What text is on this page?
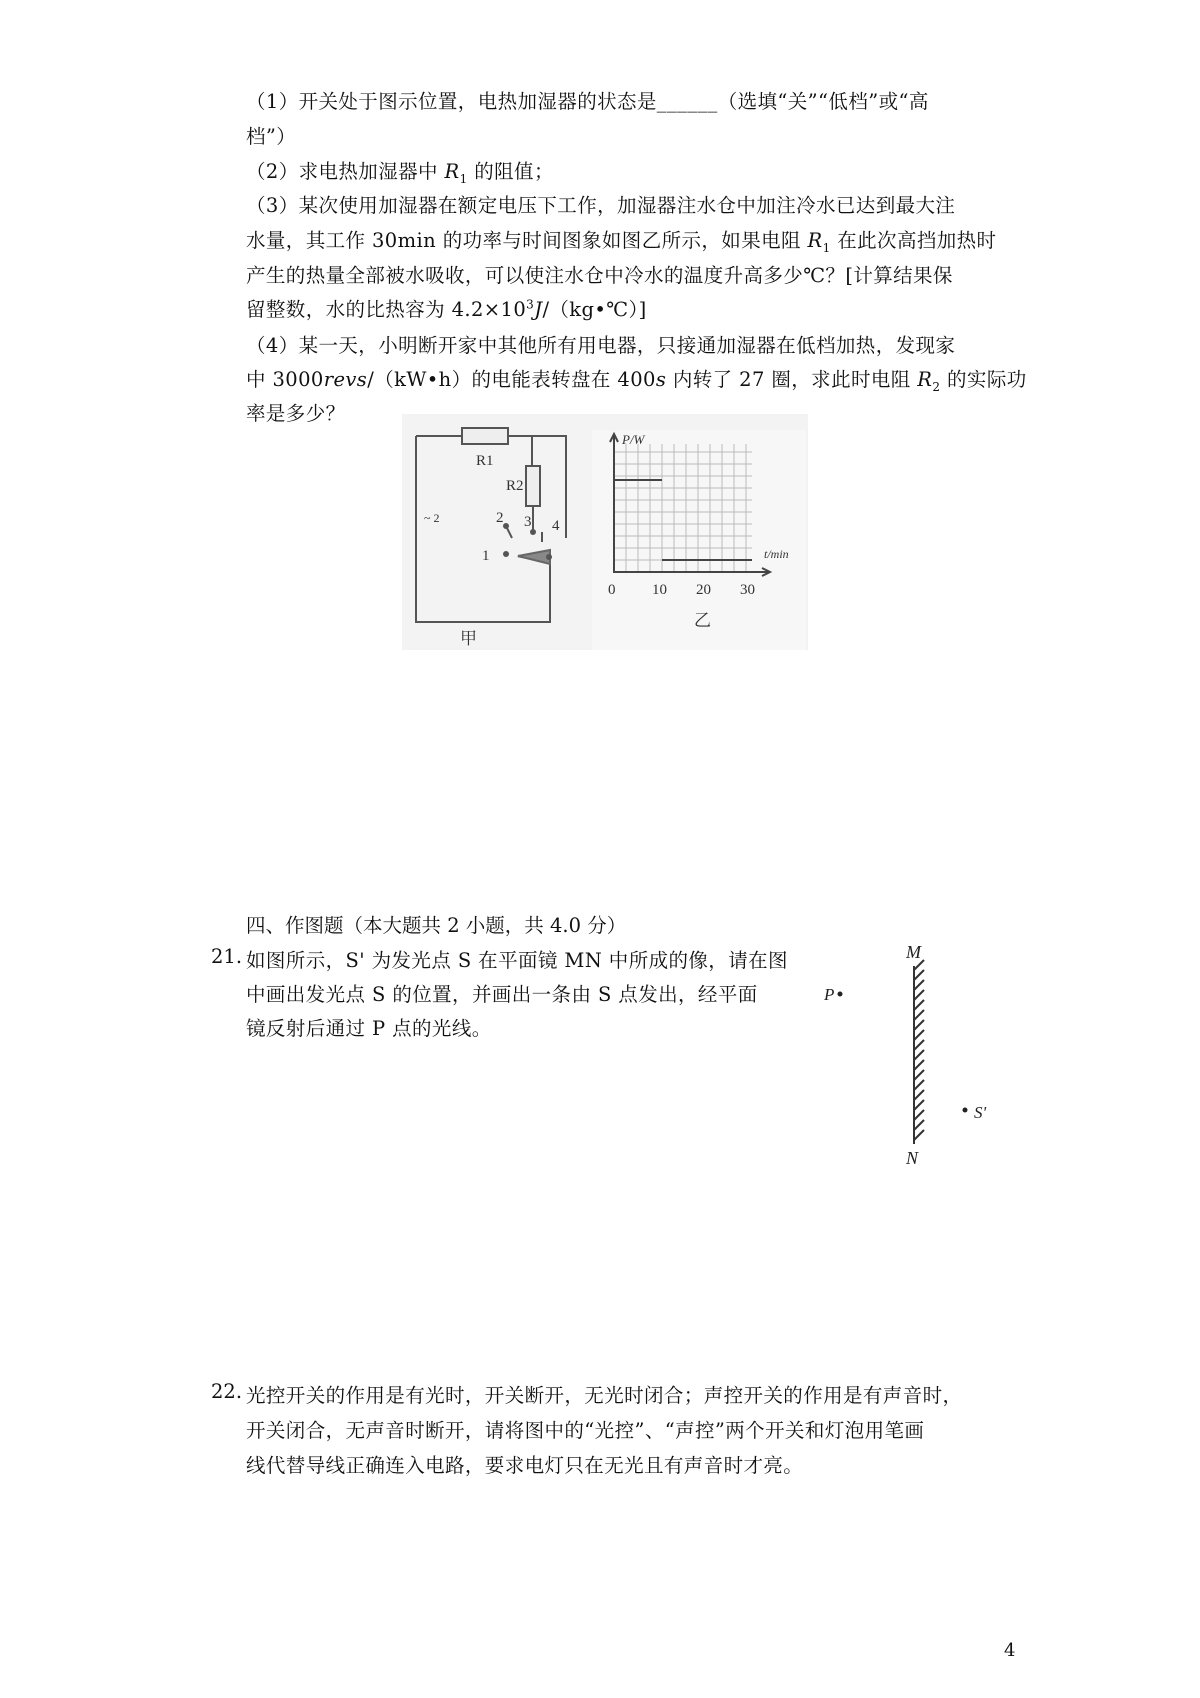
（1）开关处于图示位置，电热加湿器的状态是______（选填“关”“低档”或“高
档”）
（2）求电热加湿器中 $R_1$ 的阻值；
（3）某次使用加湿器在额定电压下工作，加湿器注水仓中加注冷水已达到最大注
水量，其工作 30min 的功率与时间图象如图乙所示，如果电阻 $R_1$ 在此次高挡加热时
产生的热量全部被水吸收，可以使注水仓中冷水的温度升高多少℃？[计算结果保
留整数，水的比热容为 $4.2\times 10^3J/(kg•℃)$]
（4）某一天，小明断开家中其他所有用电器，只接通加湿器在低档加热，发现家
中 3000revs/（kW•h）的电能表转盘在 400s 内转了 27 圈，求此时电阻 $R_2$ 的实际功
率是多少？
R1
R2
3 4
2
1
~ 2
甲
P/W
t/min
0 10 20 30
乙
四、作图题（本大题共 2 小题，共 4.0 分）
21. 如图所示，S' 为发光点 S 在平面镜 MN 中所成的像，请在图
中画出发光点 S 的位置，并画出一条由 S 点发出，经平面
镜反射后通过 P 点的光线。
M
N
P
S'
22. 光控开关的作用是有光时，开关断开，无光时闭合；声控开关的作用是有声音时，
开关闭合，无声音时断开，请将图中的“光控”、“声控”两个开关和灯泡用笔画
线代替导线正确连入电路，要求电灯只在无光且有声音时才亮。
4
